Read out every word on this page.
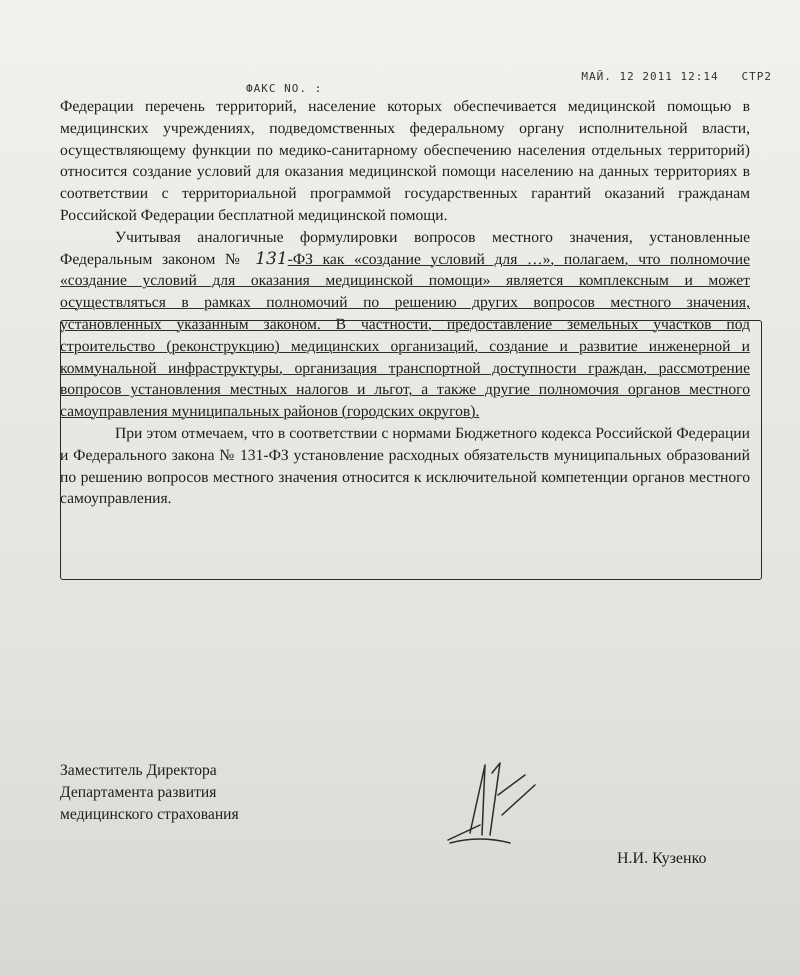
ФАКС NO. :
МАЙ. 12 2011 12:14 СТР2

Федерации перечень территорий, население которых обеспечивается медицинской помощью в медицинских учреждениях, подведомственных федеральному органу исполнительной власти, осуществляющему функции по медико-санитарному обеспечению населения отдельных территорий) относится создание условий для оказания медицинской помощи населению на данных территориях в соответствии с территориальной программой государственных гарантий оказаний гражданам Российской Федерации бесплатной медицинской помощи.

Учитывая аналогичные формулировки вопросов местного значения, установленные Федеральным законом № 131-ФЗ как «создание условий для …», полагаем, что полномочие «создание условий для оказания медицинской помощи» является комплексным и может осуществляться в рамках полномочий по решению других вопросов местного значения, установленных указанным законом. В частности, предоставление земельных участков под строительство (реконструкцию) медицинских организаций, создание и развитие инженерной и коммунальной инфраструктуры, организация транспортной доступности граждан, рассмотрение вопросов установления местных налогов и льгот, а также другие полномочия органов местного самоуправления муниципальных районов (городских округов).

При этом отмечаем, что в соответствии с нормами Бюджетного кодекса Российской Федерации и Федерального закона № 131-ФЗ установление расходных обязательств муниципальных образований по решению вопросов местного значения относится к исключительной компетенции органов местного самоуправления.

Заместитель Директора
Департамента развития
медицинского страхования
Н.И. Кузенко
